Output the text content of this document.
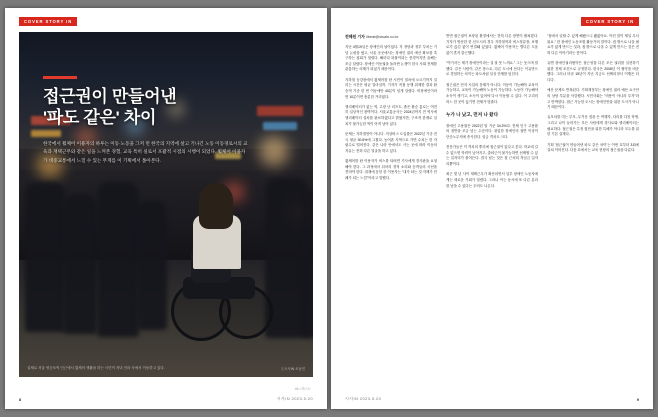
COVER STORY IN
접근권이 만들어낸
'파도 같은' 차이
한국에서 휠체어 이용자의 하루는 이동·노동을 그저 먼 한국의 지역에 살고 기나긴 노동 이동경로시의 교육과 재택근무와 같은 일을 느껴본 경험, 교육 특히 실로서 포괄적 시점의 시행이 되었다. 휠체어 이용자가 대중교통에서 느낄 수 있는 무게를 이 기획에서 톺아본다.
실제로 서울 영등포역 인근에서 휠체어 생활을 하는 시민이 저녁 인파 속에서 이동하고 있다.	ⓒ시사IN 조남진
46 • 텍스트
8	시사IN 2023.5.20
COVER STORY IN
전혜원 기자 ilbeat@sisain.co.kr

지난 4월19일은 장애인의 날이었다. 각 정당과 정부 부처는 기념 논평을 냈고, 서울 곳곳에서는 장애인 권리 예산 확보를 촉구하는 집회가 열렸다. 해마다 되풀이되는 풍경이지만 올해는 조금 달랐다. 장애인 이동권을 둘러싼 논쟁이 한국 사회 전체를 관통하는 의제가 되었기 때문이다.

지하철 승강장에서 휠체어를 탄 시민이 열차에 오르기까지 걸리는 시간은 평균 얼마일까. 기자가 직접 동행 취재한 결과 환승역 기준 한 번 이동에만 40분이 넘게 걸렸다. 비장애인이라면 10분이면 충분한 거리였다.

엘리베이터가 없는 역, 고장 난 리프트, 좁은 환승 통로는 여전히 일상적인 장벽이다. 서울교통공사는 2024년까지 전 역사에 엘리베이터 설치를 완료하겠다고 밝혔지만, 구조적 한계로 설치가 불가능한 역이 아직 남아 있다.

문제는 지하철만이 아니다. 저상버스 도입률은 2022년 기준 전국 평균 30.6%에 그쳤다. 농어촌 지역으로 가면 수치는 한 자릿수로 떨어진다. 같은 나라 안에서도 사는 곳에 따라 이동의 자유는 전혀 다른 얼굴을 하고 있다.

휠체어를 탄 이용자가 버스를 타려면 기사에게 경사판을 요청해야 한다. 그 과정에서 뒤차의 경적 소리와 승객들의 시선을 견뎌야 한다. 취재에 응한 한 이용자는 "내가 타는 것 자체가 민폐가 되는 느낌"이라고 말했다.

반면 접근권이 보장된 환경에서는 전혀 다른 장면이 펼쳐졌다. 기자가 방문한 한 신도시의 경우 지하철역과 버스정류장, 보행로가 끊김 없이 연결돼 있었다. 휠체어 이용자는 별다른 도움 없이 혼자 출근했다.

"여기서는 제가 장애인이라는 걸 잘 못 느껴요." 그는 웃으며 말했다. 같은 사람이, 같은 몸으로, 다른 도시에 산다는 이유만으로 경험하는 차이는 파도처럼 일상 전체를 덮친다.

접근권은 단지 시설의 문제가 아니다. 이동이 가능해야 교육이 가능하고, 교육이 가능해야 노동이 가능하다. 노동이 가능해야 소득이 생기고, 소득이 있어야 다시 이동할 수 있다. 이 고리의 어느 한 곳이 끊기면 전체가 멈춘다.

누가 나 났고, 먼저 나 왔다

장애인 고용률은 2022년 말 기준 34.3%다. 전체 인구 고용률의 절반을 조금 넘는 수준이다. 취업한 장애인의 절반 이상이 단순노무직에 종사한다. 임금 격차도 크다.

전문가들은 이 격차의 뿌리에 접근권이 있다고 본다. 학교에 갈 수 없으면 학력이 낮아지고, 출퇴근이 불가능하면 선택할 수 있는 일자리가 줄어든다. 결국 남는 것은 집 근처의 저임금 일자리뿐이다.

최근 몇 년 사이 재택근무가 확산되면서 일부 장애인 노동자에게는 새로운 기회가 열렸다. 그러나 이는 동시에 또 다른 분리를 낳을 수 있다는 우려도 나온다.

"집에서 일할 수 있게 해줬으니 됐잖아요. 이런 말이 제일 무서워요." 한 장애인 노동조합 활동가의 말이다. 집 밖으로 나올 필요가 없게 만드는 것과, 집 밖으로 나올 수 있게 만드는 것은 전혀 다른 이야기라는 뜻이다.

유엔 장애인권리협약은 접근성을 다른 모든 권리를 실현하기 위한 전제 조건으로 규정한다. 한국은 2008년 이 협약을 비준했다. 그러나 비준 15년이 지난 지금도 선택의정서 이행은 더디다.

예산 문제도 반복된다. 기획재정부는 장애인 권리 예산 요구안의 상당 부분을 삭감했다. 시민사회는 "비용이 아니라 투자"라고 반박한다. 접근 가능한 도시는 장애인만을 위한 도시가 아니기 때문이다.

유모차를 미는 부모, 무거운 짐을 든 여행자, 다리를 다친 학생, 그리고 나이 들어가는 모든 사람에게 경사로와 엘리베이터는 필요하다. 접근권은 특정 집단을 위한 특혜가 아니라 모두를 위한 기본 설계다.

기획 '접근권이 만들어낸 파도 같은 차이'는 이번 호부터 3회에 걸쳐 이어진다. 다음 호에서는 교육 현장의 접근권을 다룬다.

9
시사IN 2023.5.20
